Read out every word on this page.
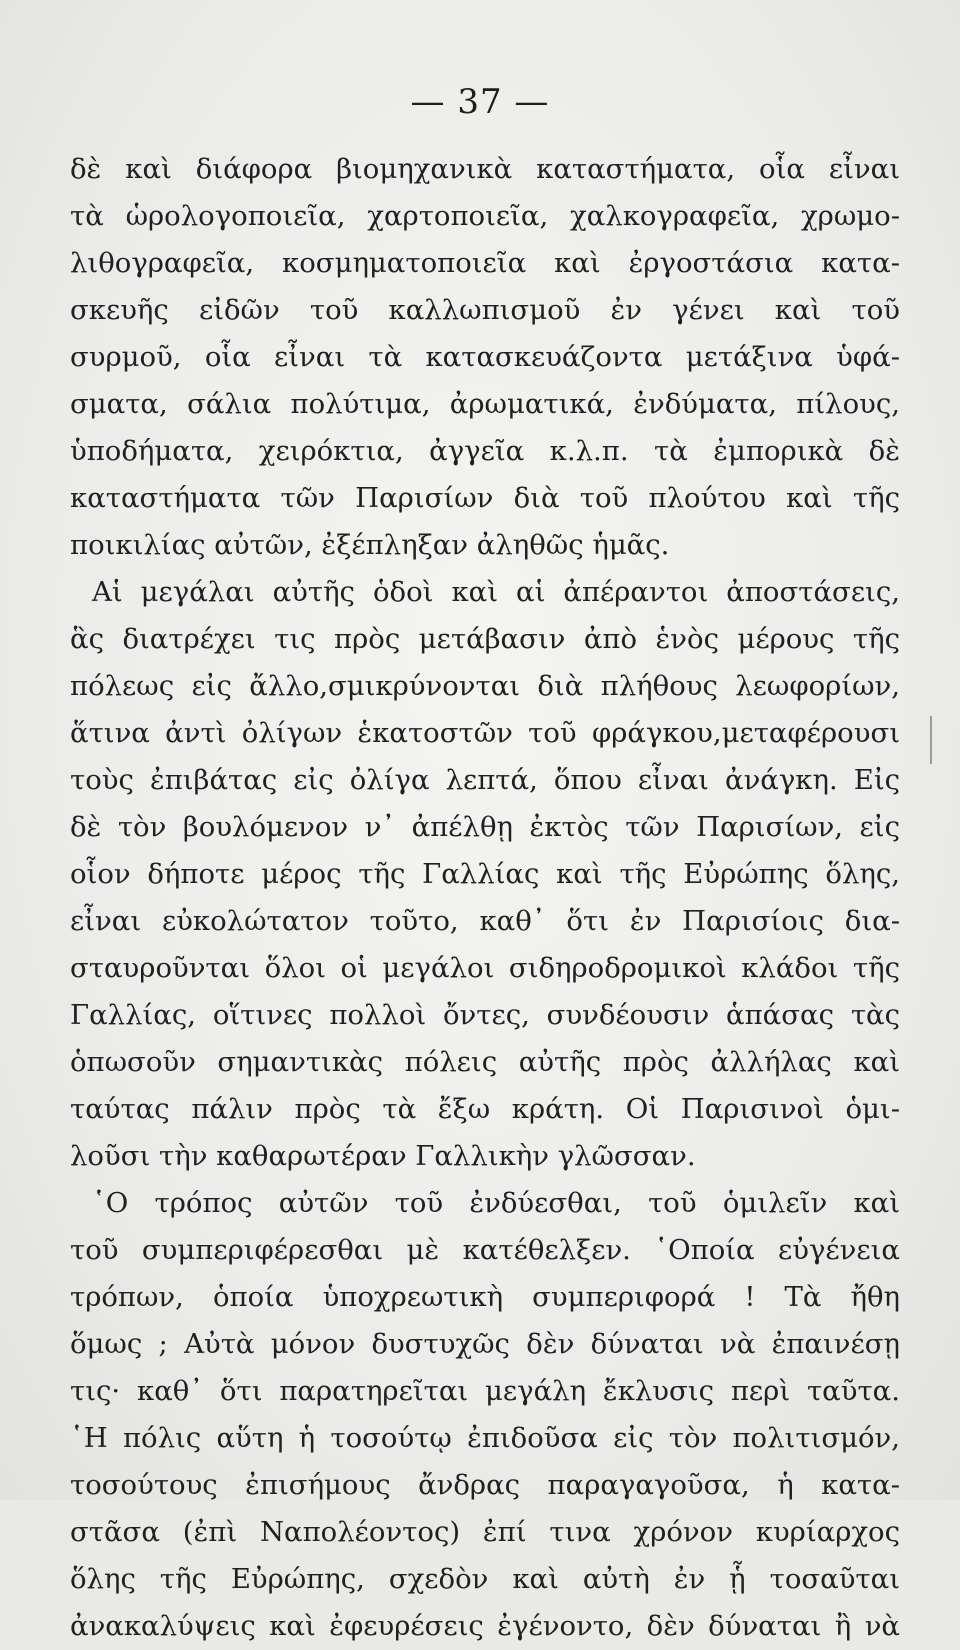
— 37 —
δὲ καὶ διάφορα βιομηχανικὰ καταστήματα, οἷα εἶναι
τὰ ὡρολογοποιεῖα, χαρτοποιεῖα, χαλκογραφεῖα, χρωμο-
λιθογραφεῖα, κοσμηματοποιεῖα καὶ ἐργοστάσια κατα-
σκευῆς εἰδῶν τοῦ καλλωπισμοῦ ἐν γένει καὶ τοῦ
συρμοῦ, οἷα εἶναι τὰ κατασκευάζοντα μετάξινα ὑφά-
σματα, σάλια πολύτιμα, ἀρωματικά, ἐνδύματα, πίλους,
ὑποδήματα, χειρόκτια, ἀγγεῖα κ.λ.π. τὰ ἐμπορικὰ δὲ
καταστήματα τῶν Παρισίων διὰ τοῦ πλούτου καὶ τῆς
ποικιλίας αὐτῶν, ἐξέπληξαν ἀληθῶς ἡμᾶς.
Αἱ μεγάλαι αὐτῆς ὁδοὶ καὶ αἱ ἀπέραντοι ἀποστάσεις,
ἃς διατρέχει τις πρὸς μετάβασιν ἀπὸ ἑνὸς μέρους τῆς
πόλεως εἰς ἄλλο,σμικρύνονται διὰ πλήθους λεωφορίων,
ἅτινα ἀντὶ ὀλίγων ἑκατοστῶν τοῦ φράγκου,μεταφέρουσι
τοὺς ἐπιβάτας εἰς ὀλίγα λεπτά, ὅπου εἶναι ἀνάγκη. Εἰς
δὲ τὸν βουλόμενον ν᾽ ἀπέλθῃ ἐκτὸς τῶν Παρισίων, εἰς
οἷον δήποτε μέρος τῆς Γαλλίας καὶ τῆς Εὐρώπης ὅλης,
εἶναι εὐκολώτατον τοῦτο, καθ᾽ ὅτι ἐν Παρισίοις δια-
σταυροῦνται ὅλοι οἱ μεγάλοι σιδηροδρομικοὶ κλάδοι τῆς
Γαλλίας, οἵτινες πολλοὶ ὄντες, συνδέουσιν ἁπάσας τὰς
ὁπωσοῦν σημαντικὰς πόλεις αὐτῆς πρὸς ἀλλήλας καὶ
ταύτας πάλιν πρὸς τὰ ἔξω κράτη. Οἱ Παρισινοὶ ὁμι-
λοῦσι τὴν καθαρωτέραν Γαλλικὴν γλῶσσαν.
῾Ο τρόπος αὐτῶν τοῦ ἐνδύεσθαι, τοῦ ὁμιλεῖν καὶ
τοῦ συμπεριφέρεσθαι μὲ κατέθελξεν. ῾Οποία εὐγένεια
τρόπων, ὁποία ὑποχρεωτικὴ συμπεριφορά ! Τὰ ἤθη
ὅμως ; Αὐτὰ μόνον δυστυχῶς δὲν δύναται νὰ ἐπαινέσῃ
τις· καθ᾽ ὅτι παρατηρεῖται μεγάλη ἔκλυσις περὶ ταῦτα.
῾Η πόλις αὕτη ἡ τοσούτῳ ἐπιδοῦσα εἰς τὸν πολιτισμόν,
τοσούτους ἐπισήμους ἄνδρας παραγαγοῦσα, ἡ κατα-
στᾶσα (ἐπὶ Ναπολέοντος) ἐπί τινα χρόνον κυρίαρχος
ὅλης τῆς Εὐρώπης, σχεδὸν καὶ αὐτὴ ἐν ᾗ τοσαῦται
ἀνακαλύψεις καὶ ἐφευρέσεις ἐγένοντο, δὲν δύναται ἢ νὰ
